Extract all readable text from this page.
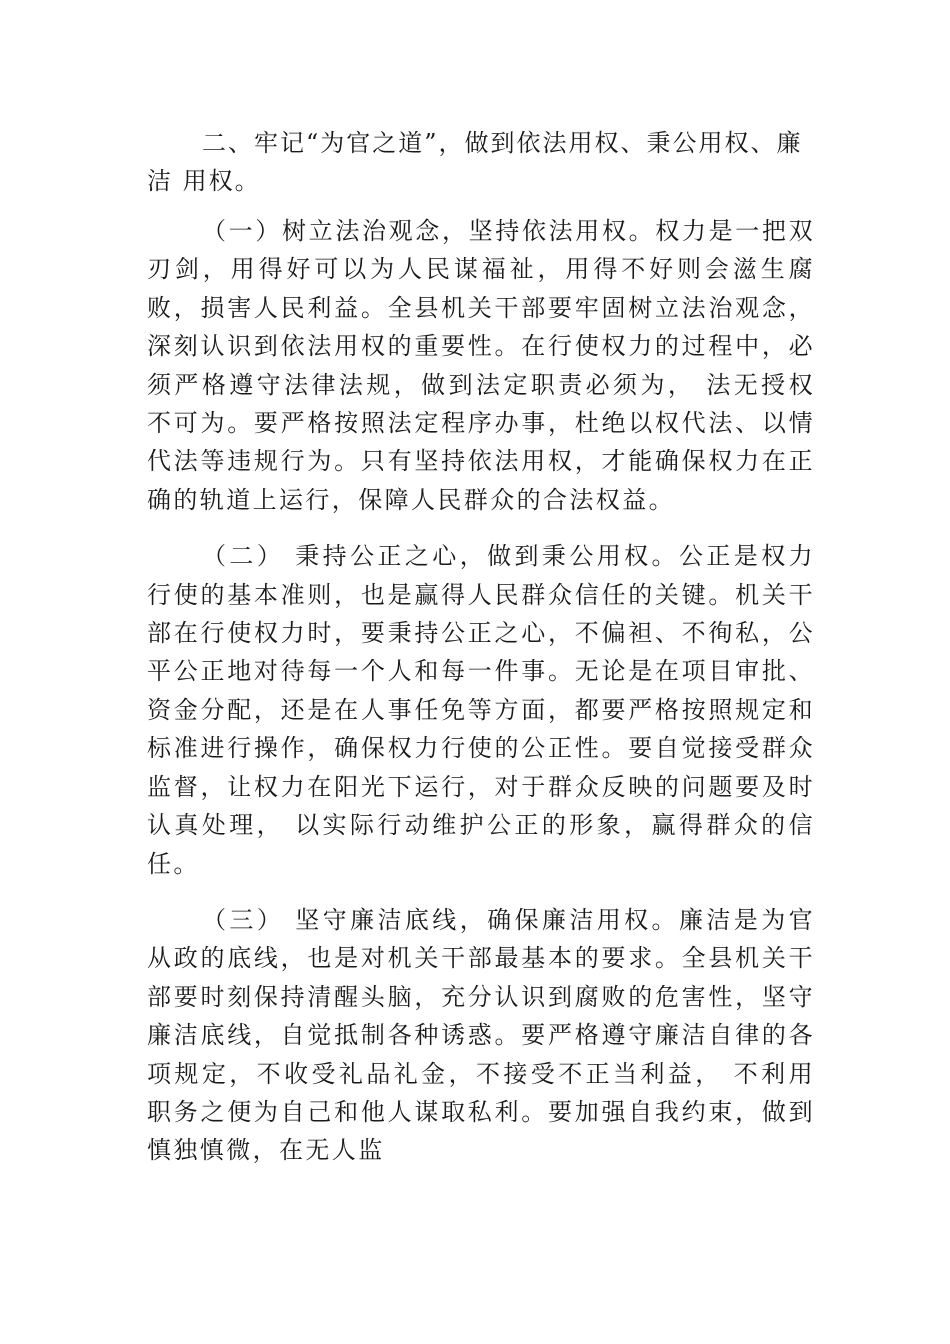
二、牢记“为官之道”，做到依法用权、秉公用权、廉洁 用权。

（一）树立法治观念，坚持依法用权。权力是一把双刃剑，用得好可以为人民谋福祉，用得不好则会滋生腐败，损害人民利益。全县机关干部要牢固树立法治观念，深刻认识到依法用权的重要性。在行使权力的过程中，必须严格遵守法律法规，做到法定职责必须为， 法无授权不可为。要严格按照法定程序办事，杜绝以权代法、以情代法等违规行为。只有坚持依法用权，才能确保权力在正确的轨道上运行，保障人民群众的合法权益。

（二） 秉持公正之心，做到秉公用权。公正是权力行使的基本准则，也是赢得人民群众信任的关键。机关干部在行使权力时，要秉持公正之心，不偏袒、不徇私，公平公正地对待每一个人和每一件事。无论是在项目审批、资金分配，还是在人事任免等方面，都要严格按照规定和标准进行操作，确保权力行使的公正性。要自觉接受群众监督，让权力在阳光下运行，对于群众反映的问题要及时认真处理， 以实际行动维护公正的形象，赢得群众的信任。

（三） 坚守廉洁底线，确保廉洁用权。廉洁是为官从政的底线，也是对机关干部最基本的要求。全县机关干部要时刻保持清醒头脑，充分认识到腐败的危害性，坚守廉洁底线，自觉抵制各种诱惑。要严格遵守廉洁自律的各项规定，不收受礼品礼金，不接受不正当利益， 不利用职务之便为自己和他人谋取私利。要加强自我约束，做到慎独慎微，在无人监
